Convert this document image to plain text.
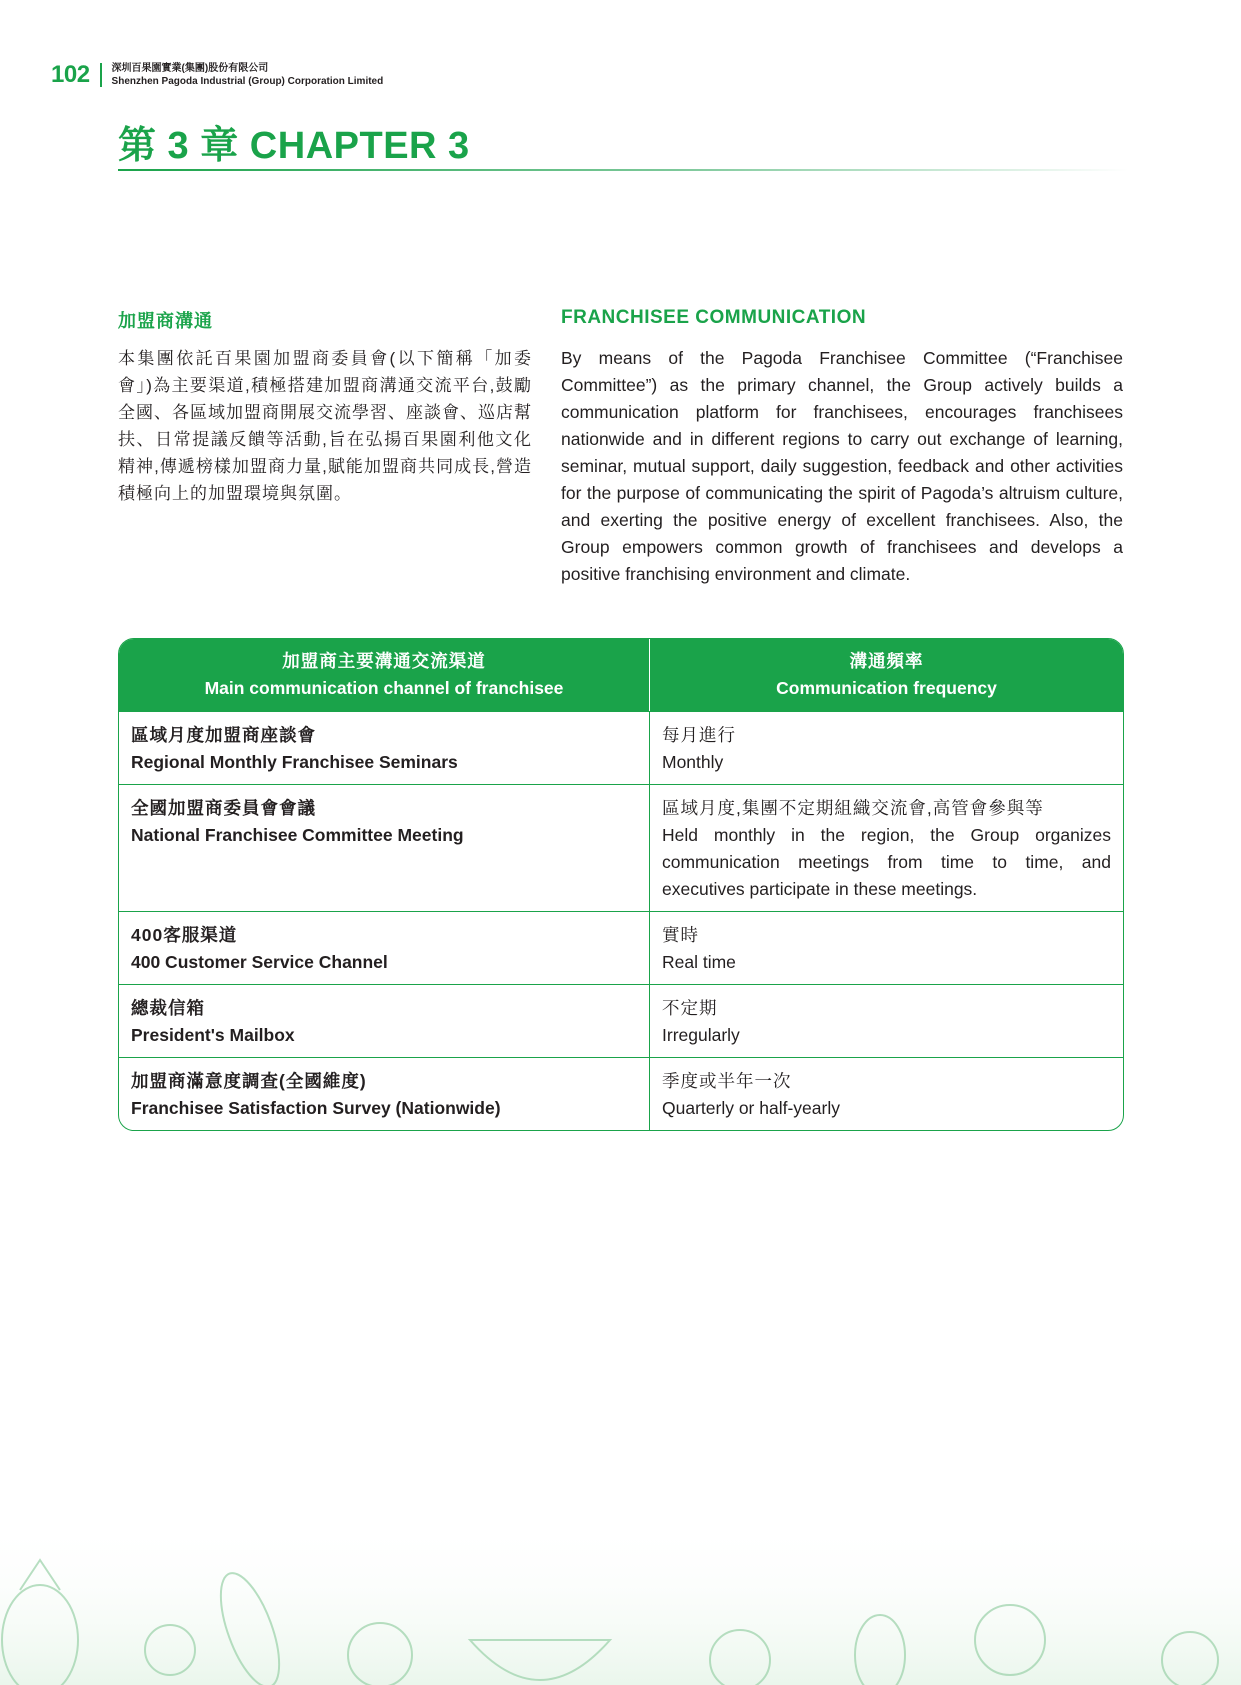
102 深圳百果園實業(集團)股份有限公司
Shenzhen Pagoda Industrial (Group) Corporation Limited
第 3 章 CHAPTER 3
加盟商溝通	FRANCHISEE COMMUNICATION
本集團依託百果園加盟商委員會(以下簡稱「加委會」)為主要渠道,積極搭建加盟商溝通交流平台,鼓勵全國、各區域加盟商開展交流學習、座談會、巡店幫扶、日常提議反饋等活動,旨在弘揚百果園利他文化精神,傳遞榜樣加盟商力量,賦能加盟商共同成長,營造積極向上的加盟環境與氛圍。
By means of the Pagoda Franchisee Committee (“Franchisee Committee”) as the primary channel, the Group actively builds a communication platform for franchisees, encourages franchisees nationwide and in different regions to carry out exchange of learning, seminar, mutual support, daily suggestion, feedback and other activities for the purpose of communicating the spirit of Pagoda’s altruism culture, and exerting the positive energy of excellent franchisees. Also, the Group empowers common growth of franchisees and develops a positive franchising environment and climate.
加盟商主要溝通交流渠道
Main communication channel of franchisee
溝通頻率
Communication frequency
區域月度加盟商座談會
Regional Monthly Franchisee Seminars
每月進行
Monthly
全國加盟商委員會會議
National Franchisee Committee Meeting
區域月度,集團不定期組織交流會,高管會參與等
Held monthly in the region, the Group organizes communication meetings from time to time, and executives participate in these meetings.
400客服渠道
400 Customer Service Channel
實時
Real time
總裁信箱
President's Mailbox
不定期
Irregularly
加盟商滿意度調查(全國維度)
Franchisee Satisfaction Survey (Nationwide)
季度或半年一次
Quarterly or half-yearly
